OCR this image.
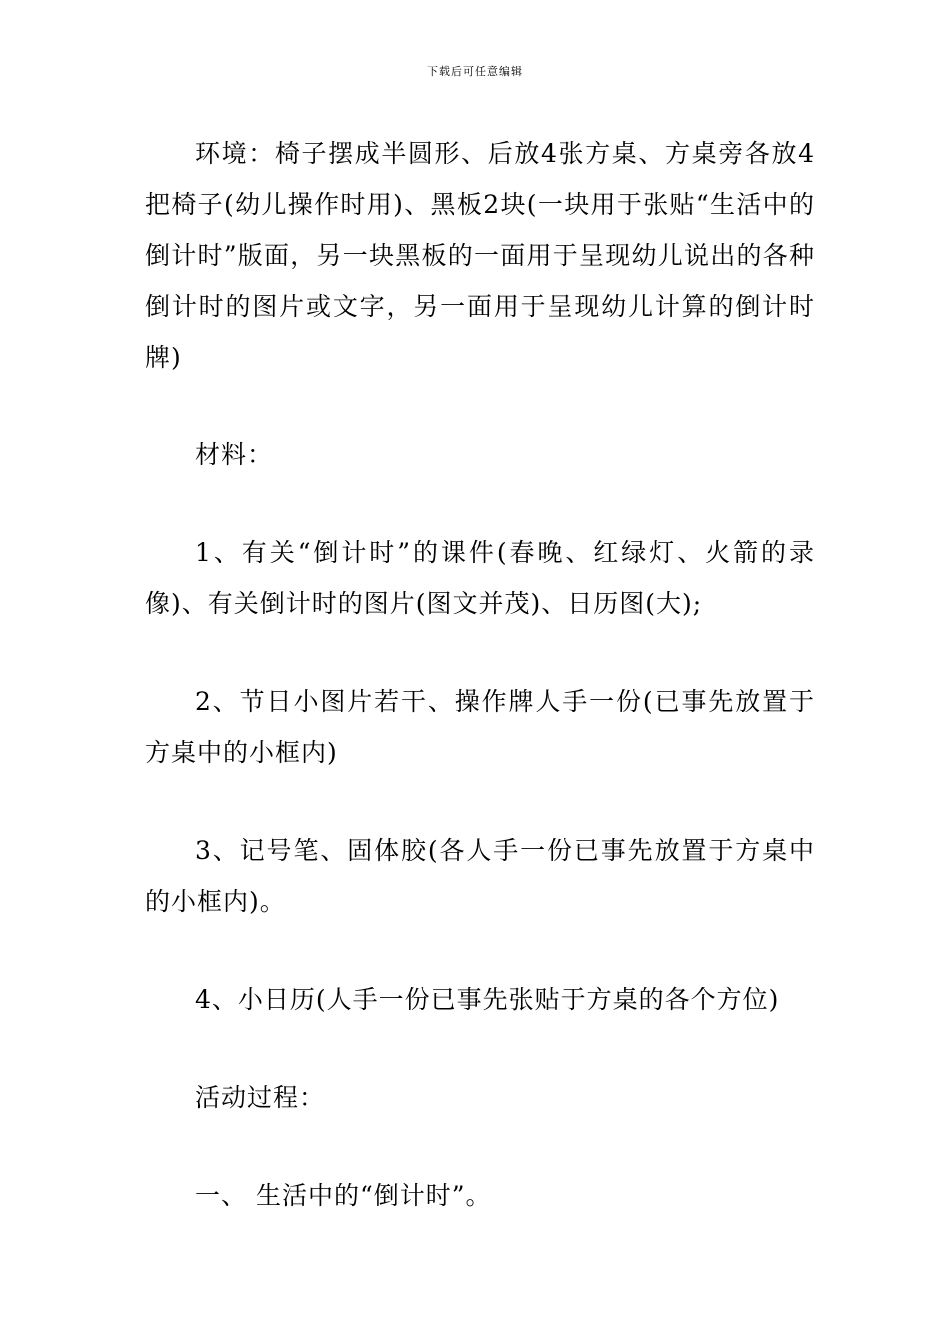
下载后可任意编辑

环境：椅子摆成半圆形、后放4张方桌、方桌旁各放4把椅子(幼儿操作时用)、黑板2块(一块用于张贴“生活中的倒计时”版面，另一块黑板的一面用于呈现幼儿说出的各种倒计时的图片或文字，另一面用于呈现幼儿计算的倒计时牌)

材料：

1、有关“倒计时”的课件(春晚、红绿灯、火箭的录像)、有关倒计时的图片(图文并茂)、日历图(大);

2、节日小图片若干、操作牌人手一份(已事先放置于方桌中的小框内)

3、记号笔、固体胶(各人手一份已事先放置于方桌中的小框内)。

4、小日历(人手一份已事先张贴于方桌的各个方位)

活动过程：

一、 生活中的“倒计时”。
